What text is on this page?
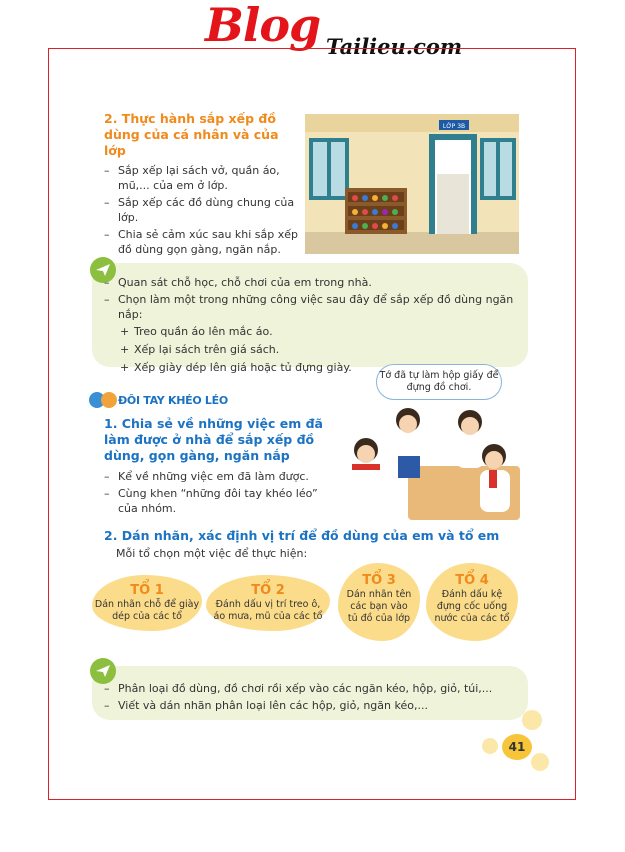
Blog Tailieu.com
2. Thực hành sắp xếp đồ dùng của cá nhân và của lớp
– Sắp xếp lại sách vở, quần áo, mũ,... của em ở lớp.
– Sắp xếp các đồ dùng chung của lớp.
– Chia sẻ cảm xúc sau khi sắp xếp đồ dùng gọn gàng, ngăn nắp.
LỚP 3B
– Quan sát chỗ học, chỗ chơi của em trong nhà.
– Chọn làm một trong những công việc sau đây để sắp xếp đồ dùng ngăn nắp:
+ Treo quần áo lên mắc áo.
+ Xếp lại sách trên giá sách.
+ Xếp giày dép lên giá hoặc tủ đựng giày.
ĐÔI TAY KHÉO LÉO
Tớ đã tự làm hộp giấy để đựng đồ chơi.
1. Chia sẻ về những việc em đã làm được ở nhà để sắp xếp đồ dùng, gọn gàng, ngăn nắp
– Kể về những việc em đã làm được.
– Cùng khen “những đôi tay khéo léo” của nhóm.
2. Dán nhãn, xác định vị trí để đồ dùng của em và tổ em
Mỗi tổ chọn một việc để thực hiện:
TỔ 1
Dán nhãn chỗ để giày dép của các tổ
TỔ 2
Đánh dấu vị trí treo ô, áo mưa, mũ của các tổ
TỔ 3
Dán nhãn tên các bạn vào tủ đồ của lớp
TỔ 4
Đánh dấu kệ đựng cốc uống nước của các tổ
– Phân loại đồ dùng, đồ chơi rồi xếp vào các ngăn kéo, hộp, giỏ, túi,...
– Viết và dán nhãn phân loại lên các hộp, giỏ, ngăn kéo,...
41
